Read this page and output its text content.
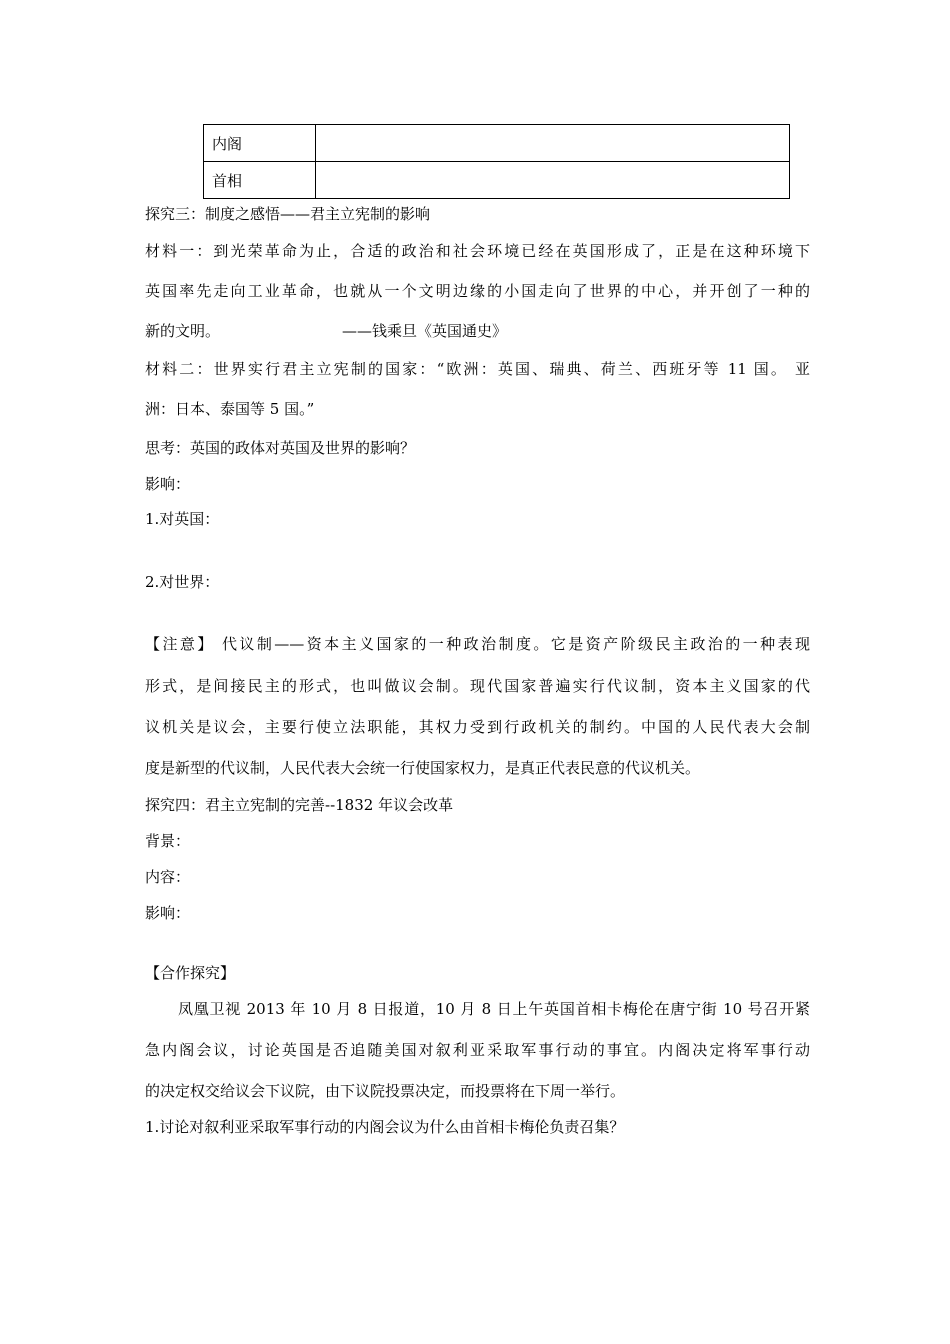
内阁	
首相	
探究三：制度之感悟——君主立宪制的影响
材料一：到光荣革命为止，合适的政治和社会环境已经在英国形成了，正是在这种环境下
英国率先走向工业革命，也就从一个文明边缘的小国走向了世界的中心，并开创了一种的
新的文明。	——钱乘旦《英国通史》
材料二：世界实行君主立宪制的国家：“欧洲：英国、瑞典、荷兰、西班牙等 11 国。 亚
洲：日本、泰国等 5 国。”
思考：英国的政体对英国及世界的影响？
影响：
1.对英国：
2.对世界：
【注意】 代议制——资本主义国家的一种政治制度。它是资产阶级民主政治的一种表现
形式，是间接民主的形式，也叫做议会制。现代国家普遍实行代议制，资本主义国家的代
议机关是议会，主要行使立法职能，其权力受到行政机关的制约。中国的人民代表大会制
度是新型的代议制，人民代表大会统一行使国家权力，是真正代表民意的代议机关。
探究四：君主立宪制的完善--1832 年议会改革
背景：
内容：
影响：
【合作探究】
凤凰卫视 2013 年 10 月 8 日报道，10 月 8 日上午英国首相卡梅伦在唐宁街 10 号召开紧
急内阁会议，讨论英国是否追随美国对叙利亚采取军事行动的事宜。内阁决定将军事行动
的决定权交给议会下议院，由下议院投票决定，而投票将在下周一举行。
1.讨论对叙利亚采取军事行动的内阁会议为什么由首相卡梅伦负责召集？
